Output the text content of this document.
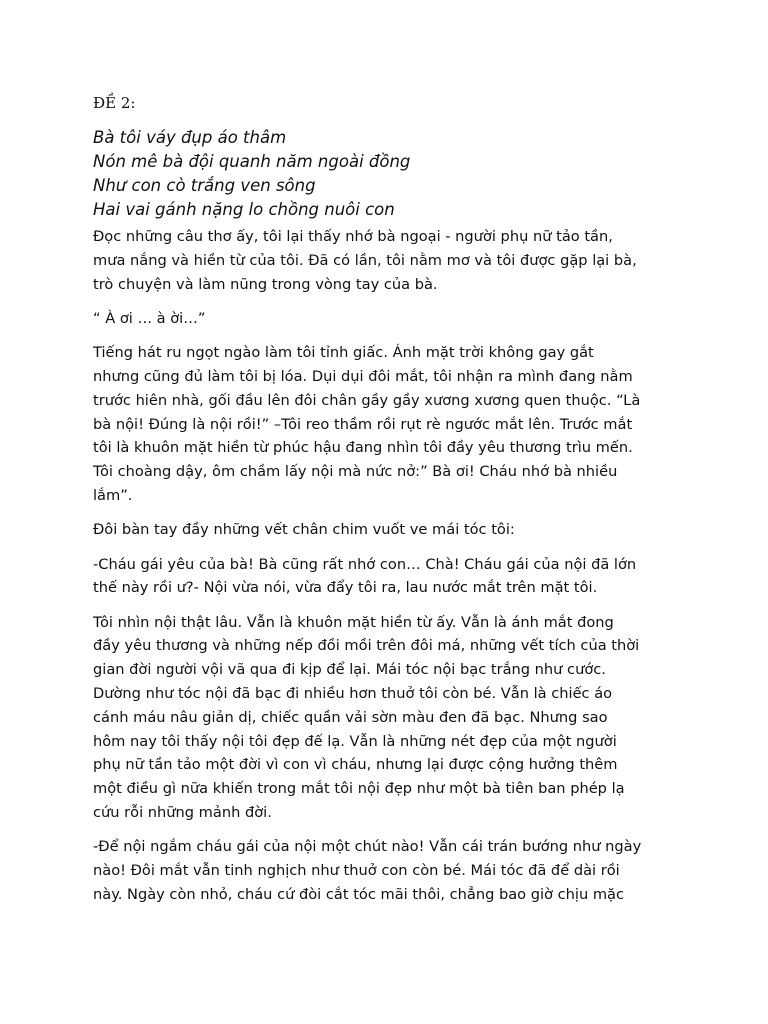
ĐỀ 2:
Bà tôi váy đụp áo thâm
Nón mê bà đội quanh năm ngoài đồng
Như con cò trắng ven sông
Hai vai gánh nặng lo chồng nuôi con
Đọc những câu thơ ấy, tôi lại thấy nhớ bà ngoại - người phụ nữ tảo tần,
mưa nắng và hiền từ của tôi. Đã có lần, tôi nằm mơ và tôi được gặp lại bà,
trò chuyện và làm nũng trong vòng tay của bà.
“ À ơi … à ời…”
Tiếng hát ru ngọt ngào làm tôi tỉnh giấc. Ánh mặt trời không gay gắt
nhưng cũng đủ làm tôi bị lóa. Dụi dụi đôi mắt, tôi nhận ra mình đang nằm
trước hiên nhà, gối đầu lên đôi chân gầy gầy xương xương quen thuộc. “Là
bà nội! Đúng là nội rồi!” –Tôi reo thầm rồi rụt rè ngước mắt lên. Trước mắt
tôi là khuôn mặt hiền từ phúc hậu đang nhìn tôi đầy yêu thương trìu mến.
Tôi choàng dậy, ôm chầm lấy nội mà nức nở:” Bà ơi! Cháu nhớ bà nhiều
lắm”.
Đôi bàn tay đầy những vết chân chim vuốt ve mái tóc tôi:
-Cháu gái yêu của bà! Bà cũng rất nhớ con… Chà! Cháu gái của nội đã lớn
thế này rồi ư?- Nội vừa nói, vừa đẩy tôi ra, lau nước mắt trên mặt tôi.
Tôi nhìn nội thật lâu. Vẫn là khuôn mặt hiền từ ấy. Vẫn là ánh mắt đong
đầy yêu thương và những nếp đồi mồi trên đôi má, những vết tích của thời
gian đời người vội vã qua đi kịp để lại. Mái tóc nội bạc trắng như cước.
Dường như tóc nội đã bạc đi nhiều hơn thuở tôi còn bé. Vẫn là chiếc áo
cánh máu nâu giản dị, chiếc quần vải sờn màu đen đã bạc. Nhưng sao
hôm nay tôi thấy nội tôi đẹp đế lạ. Vẫn là những nét đẹp của một người
phụ nữ tần tảo một đời vì con vì cháu, nhưng lại được cộng hưởng thêm
một điều gì nữa khiến trong mắt tôi nội đẹp như một bà tiên ban phép lạ
cứu rỗi những mảnh đời.
-Để nội ngắm cháu gái của nội một chút nào! Vẫn cái trán bướng như ngày
nào! Đôi mắt vẫn tinh nghịch như thuở con còn bé. Mái tóc đã để dài rồi
này. Ngày còn nhỏ, cháu cứ đòi cắt tóc mãi thôi, chẳng bao giờ chịu mặc
